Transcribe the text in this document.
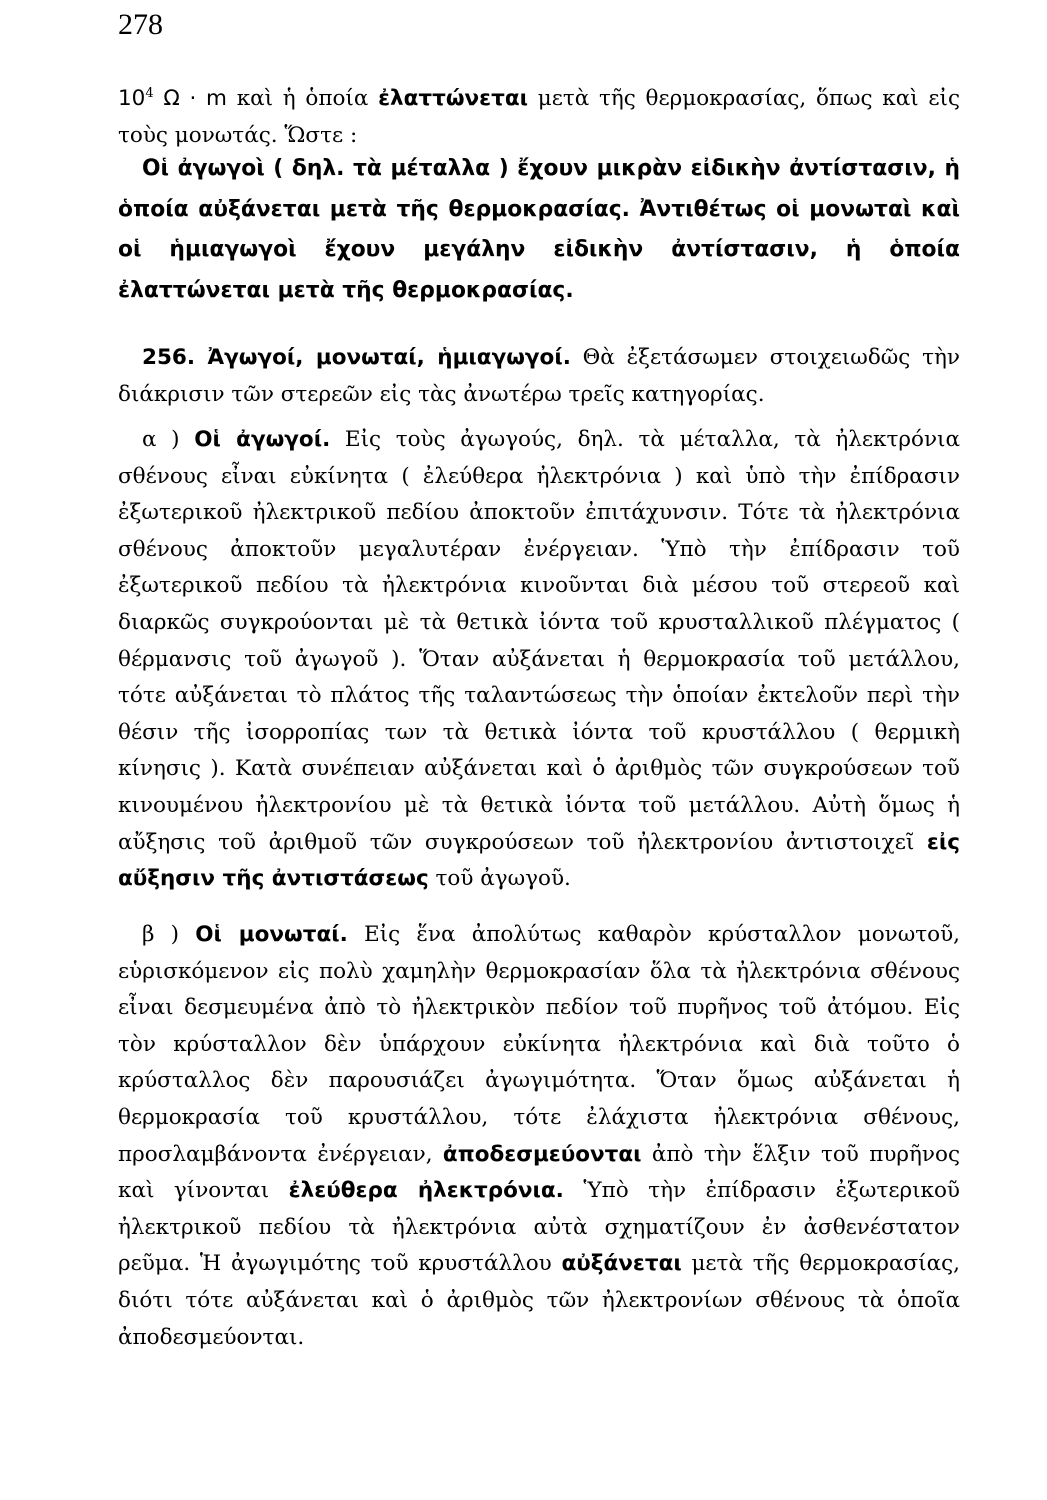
278

$10^4$ Ω · m καὶ ἡ ὁποία ἐλαττώνεται μετὰ τῆς θερμοκρασίας, ὅπως καὶ εἰς τοὺς μονωτάς. Ὥστε :

Οἱ ἀγωγοὶ ( δηλ. τὰ μέταλλα ) ἔχουν μικρὰν εἰδικὴν ἀντίστασιν, ἡ ὁποία αὐξάνεται μετὰ τῆς θερμοκρασίας. Ἀντιθέτως οἱ μονωταὶ καὶ οἱ ἡμιαγωγοὶ ἔχουν μεγάλην εἰδικὴν ἀντίστασιν, ἡ ὁποία ἐλαττώνεται μετὰ τῆς θερμοκρασίας.

256. Ἀγωγοί, μονωταί, ἡμιαγωγοί. Θὰ ἐξετάσωμεν στοιχειωδῶς τὴν διάκρισιν τῶν στερεῶν εἰς τὰς ἀνωτέρω τρεῖς κατηγορίας.

α ) Οἱ ἀγωγοί. Εἰς τοὺς ἀγωγούς, δηλ. τὰ μέταλλα, τὰ ἠλεκτρόνια σθένους εἶναι εὐκίνητα ( ἐλεύθερα ἠλεκτρόνια ) καὶ ὑπὸ τὴν ἐπίδρασιν ἐξωτερικοῦ ἠλεκτρικοῦ πεδίου ἀποκτοῦν ἐπιτάχυνσιν. Τότε τὰ ἠλεκτρόνια σθένους ἀποκτοῦν μεγαλυτέραν ἐνέργειαν. Ὑπὸ τὴν ἐπίδρασιν τοῦ ἐξωτερικοῦ πεδίου τὰ ἠλεκτρόνια κινοῦνται διὰ μέσου τοῦ στερεοῦ καὶ διαρκῶς συγκρούονται μὲ τὰ θετικὰ ἰόντα τοῦ κρυσταλλικοῦ πλέγματος ( θέρμανσις τοῦ ἀγωγοῦ ). Ὅταν αὐξάνεται ἡ θερμοκρασία τοῦ μετάλλου, τότε αὐξάνεται τὸ πλάτος τῆς ταλαντώσεως τὴν ὁποίαν ἐκτελοῦν περὶ τὴν θέσιν τῆς ἰσορροπίας των τὰ θετικὰ ἰόντα τοῦ κρυστάλλου ( θερμικὴ κίνησις ). Κατὰ συνέπειαν αὐξάνεται καὶ ὁ ἀριθμὸς τῶν συγκρούσεων τοῦ κινουμένου ἠλεκτρονίου μὲ τὰ θετικὰ ἰόντα τοῦ μετάλλου. Αὐτὴ ὅμως ἡ αὔξησις τοῦ ἀριθμοῦ τῶν συγκρούσεων τοῦ ἠλεκτρονίου ἀντιστοιχεῖ εἰς αὔξησιν τῆς ἀντιστάσεως τοῦ ἀγωγοῦ.

β ) Οἱ μονωταί. Εἰς ἕνα ἀπολύτως καθαρὸν κρύσταλλον μονωτοῦ, εὑρισκόμενον εἰς πολὺ χαμηλὴν θερμοκρασίαν ὅλα τὰ ἠλεκτρόνια σθένους εἶναι δεσμευμένα ἀπὸ τὸ ἠλεκτρικὸν πεδίον τοῦ πυρῆνος τοῦ ἀτόμου. Εἰς τὸν κρύσταλλον δὲν ὑπάρχουν εὐκίνητα ἠλεκτρόνια καὶ διὰ τοῦτο ὁ κρύσταλλος δὲν παρουσιάζει ἀγωγιμότητα. Ὅταν ὅμως αὐξάνεται ἡ θερμοκρασία τοῦ κρυστάλλου, τότε ἐλάχιστα ἠλεκτρόνια σθένους, προσλαμβάνοντα ἐνέργειαν, ἀποδεσμεύονται ἀπὸ τὴν ἕλξιν τοῦ πυρῆνος καὶ γίνονται ἐλεύθερα ἠλεκτρόνια. Ὑπὸ τὴν ἐπίδρασιν ἐξωτερικοῦ ἠλεκτρικοῦ πεδίου τὰ ἠλεκτρόνια αὐτὰ σχηματίζουν ἐν ἀσθενέστατον ρεῦμα. Ἡ ἀγωγιμότης τοῦ κρυστάλλου αὐξάνεται μετὰ τῆς θερμοκρασίας, διότι τότε αὐξάνεται καὶ ὁ ἀριθμὸς τῶν ἠλεκτρονίων σθένους τὰ ὁποῖα ἀποδεσμεύονται.
